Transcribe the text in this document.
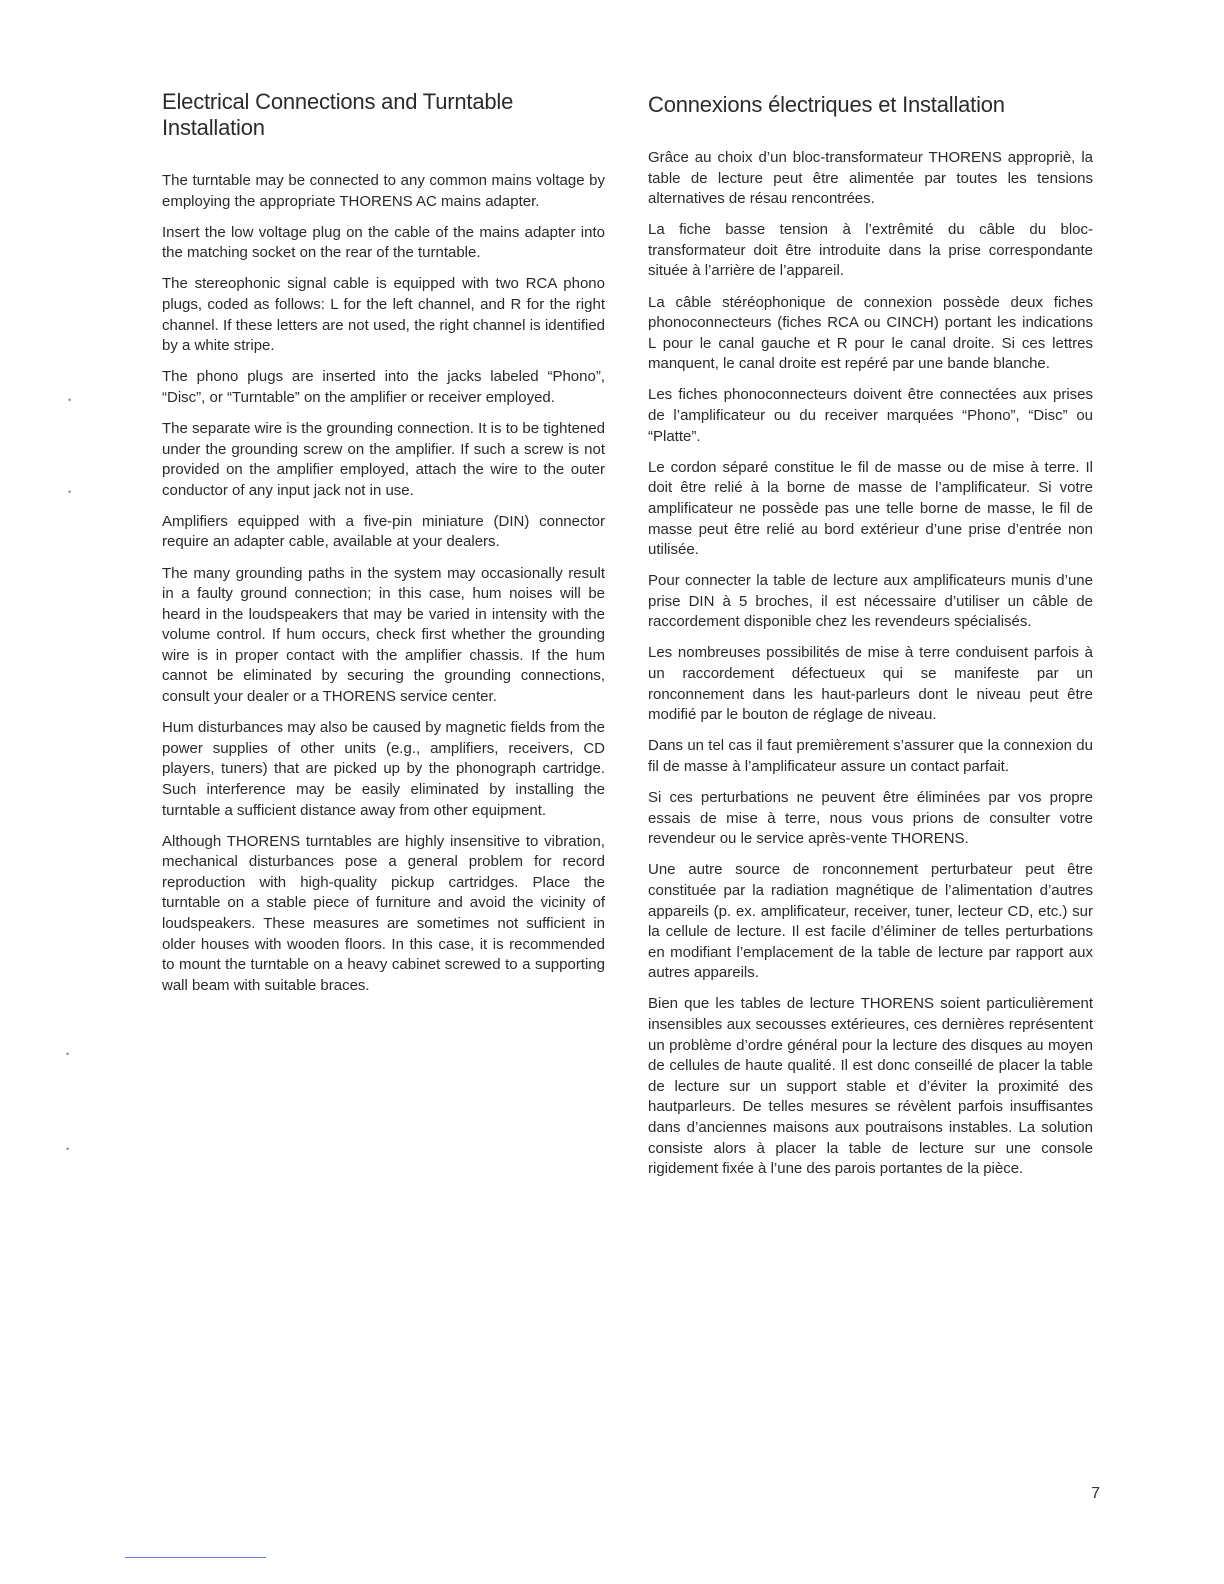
Electrical Connections and Turntable Installation

The turntable may be connected to any common mains voltage by employing the appropriate THORENS AC mains adapter.

Insert the low voltage plug on the cable of the mains adapter into the matching socket on the rear of the turntable.

The stereophonic signal cable is equipped with two RCA phono plugs, coded as follows: L for the left channel, and R for the right channel. If these letters are not used, the right channel is identified by a white stripe.

The phono plugs are inserted into the jacks labeled “Phono”, “Disc”, or “Turntable” on the amplifier or receiver employed.

The separate wire is the grounding connection. It is to be tightened under the grounding screw on the amplifier. If such a screw is not provided on the amplifier employed, attach the wire to the outer conductor of any input jack not in use.

Amplifiers equipped with a five-pin miniature (DIN) connector require an adapter cable, available at your dealers.

The many grounding paths in the system may occasionally result in a faulty ground connection; in this case, hum noises will be heard in the loudspeakers that may be varied in intensity with the volume control. If hum occurs, check first whether the grounding wire is in proper contact with the amplifier chassis. If the hum cannot be eliminated by securing the grounding connections, consult your dealer or a THORENS service center.

Hum disturbances may also be caused by magnetic fields from the power supplies of other units (e.g., amplifiers, receivers, CD players, tuners) that are picked up by the phonograph cartridge. Such interference may be easily eliminated by installing the turntable a sufficient distance away from other equipment.

Although THORENS turntables are highly insensitive to vibration, mechanical disturbances pose a general problem for record reproduction with high-quality pickup cartridges. Place the turntable on a stable piece of furniture and avoid the vicinity of loudspeakers. These measures are sometimes not sufficient in older houses with wooden floors. In this case, it is recommended to mount the turntable on a heavy cabinet screwed to a supporting wall beam with suitable braces.

Connexions électriques et Installation

Grâce au choix d’un bloc-transformateur THORENS appropriè, la table de lecture peut être alimentée par toutes les tensions alternatives de résau rencontrées.

La fiche basse tension à l’extrêmité du câble du bloc-transformateur doit être introduite dans la prise correspondante située à l’arrière de l’appareil.

La câble stéréophonique de connexion possède deux fiches phonoconnecteurs (fiches RCA ou CINCH) portant les indications L pour le canal gauche et R pour le canal droite. Si ces lettres manquent, le canal droite est repéré par une bande blanche.

Les fiches phonoconnecteurs doivent être connectées aux prises de l’amplificateur ou du receiver marquées “Phono”, “Disc” ou “Platte”.

Le cordon séparé constitue le fil de masse ou de mise à terre. Il doit être relié à la borne de masse de l’amplificateur. Si votre amplificateur ne possède pas une telle borne de masse, le fil de masse peut être relié au bord extérieur d’une prise d’entrée non utilisée.

Pour connecter la table de lecture aux amplificateurs munis d’une prise DIN à 5 broches, il est nécessaire d’utiliser un câble de raccordement disponible chez les revendeurs spécialisés.

Les nombreuses possibilités de mise à terre conduisent parfois à un raccordement défectueux qui se manifeste par un ronconnement dans les haut-parleurs dont le niveau peut être modifié par le bouton de réglage de niveau.

Dans un tel cas il faut premièrement s’assurer que la connexion du fil de masse à l’amplificateur assure un contact parfait.

Si ces perturbations ne peuvent être éliminées par vos propre essais de mise à terre, nous vous prions de consulter votre revendeur ou le service après-vente THORENS.

Une autre source de ronconnement perturbateur peut être constituée par la radiation magnétique de l’alimentation d’autres appareils (p. ex. amplificateur, receiver, tuner, lecteur CD, etc.) sur la cellule de lecture. Il est facile d’éliminer de telles perturbations en modifiant l’emplacement de la table de lecture par rapport aux autres appareils.

Bien que les tables de lecture THORENS soient particulièrement insensibles aux secousses extérieures, ces dernières représentent un problème d’ordre général pour la lecture des disques au moyen de cellules de haute qualité. Il est donc conseillé de placer la table de lecture sur un support stable et d’éviter la proximité des hautparleurs. De telles mesures se révèlent parfois insuffisantes dans d’anciennes maisons aux poutraisons instables. La solution consiste alors à placer la table de lecture sur une console rigidement fixée à l’une des parois portantes de la pièce.

•
•
•
•
7
